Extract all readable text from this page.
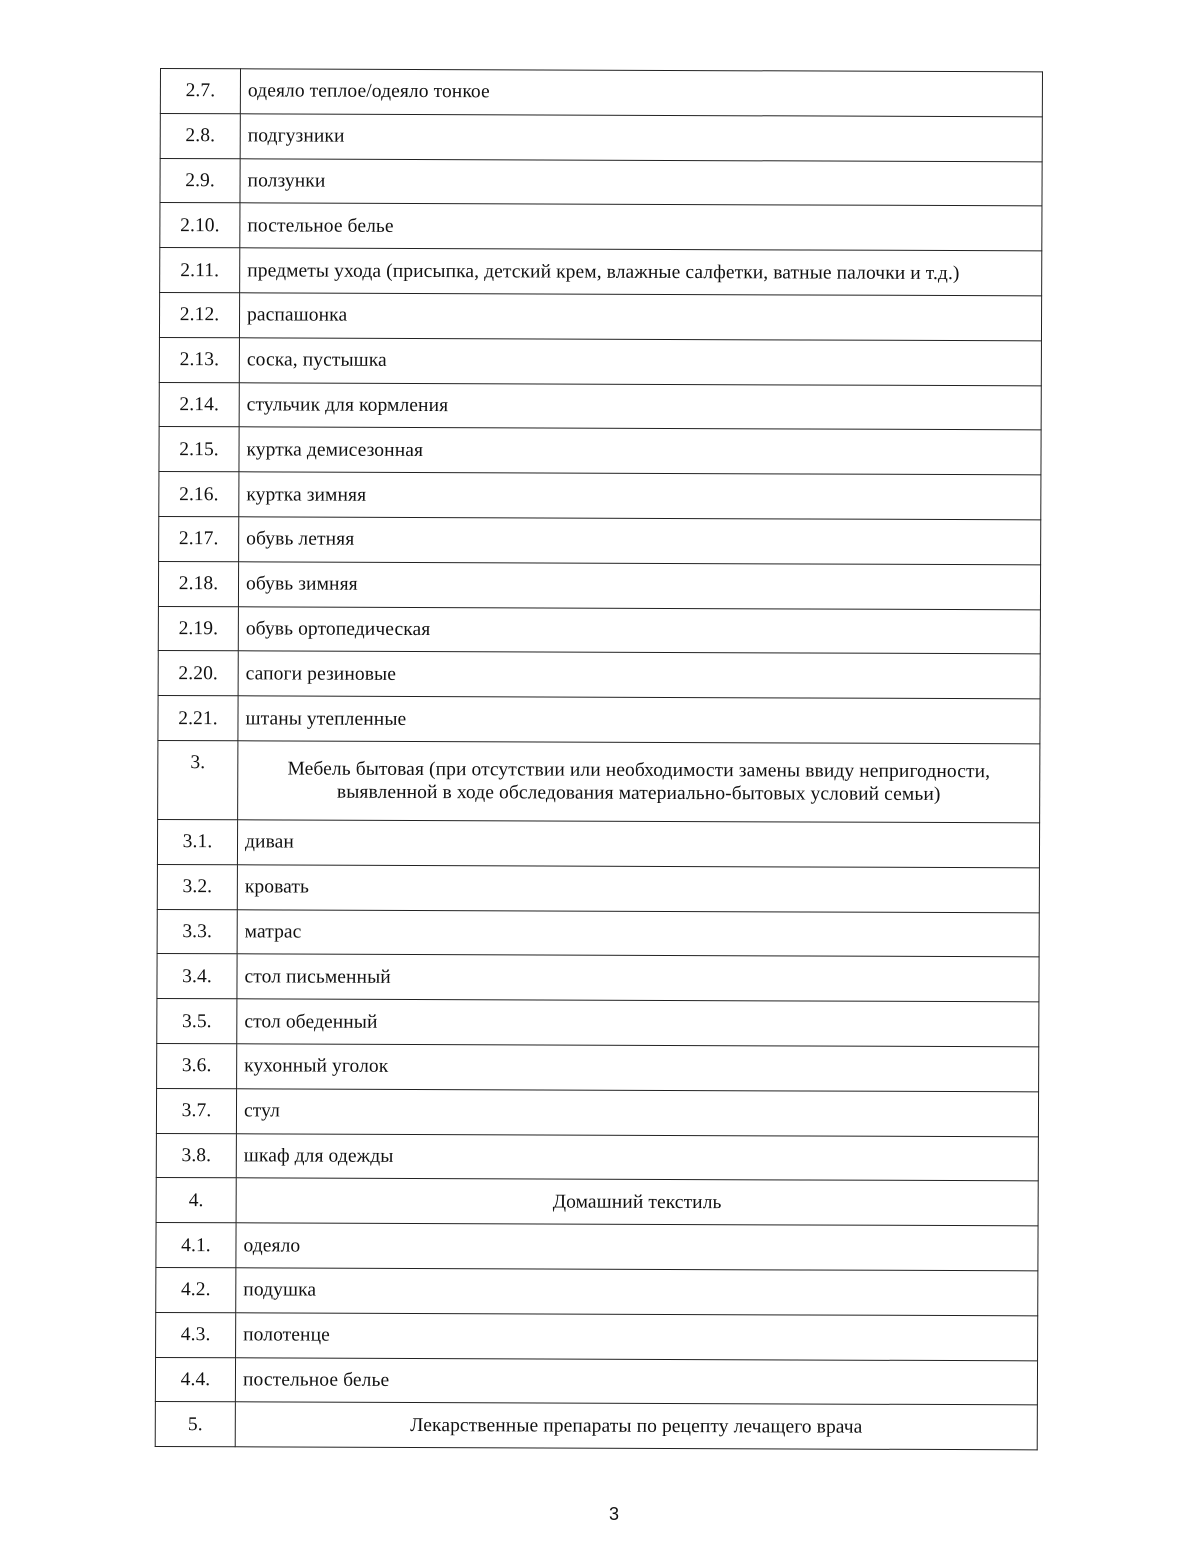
2.7.	одеяло теплое/одеяло тонкое
2.8.	подгузники
2.9.	ползунки
2.10.	постельное белье
2.11.	предметы ухода (присыпка, детский крем, влажные салфетки, ватные палочки и т.д.)
2.12.	распашонка
2.13.	соска, пустышка
2.14.	стульчик для кормления
2.15.	куртка демисезонная
2.16.	куртка зимняя
2.17.	обувь летняя
2.18.	обувь зимняя
2.19.	обувь ортопедическая
2.20.	сапоги резиновые
2.21.	штаны утепленные
3.	Мебель бытовая (при отсутствии или необходимости замены ввиду непригодности, выявленной в ходе обследования материально-бытовых условий семьи)
3.1.	диван
3.2.	кровать
3.3.	матрас
3.4.	стол письменный
3.5.	стол обеденный
3.6.	кухонный уголок
3.7.	стул
3.8.	шкаф для одежды
4.	Домашний текстиль
4.1.	одеяло
4.2.	подушка
4.3.	полотенце
4.4.	постельное белье
5.	Лекарственные препараты по рецепту лечащего врача
3
